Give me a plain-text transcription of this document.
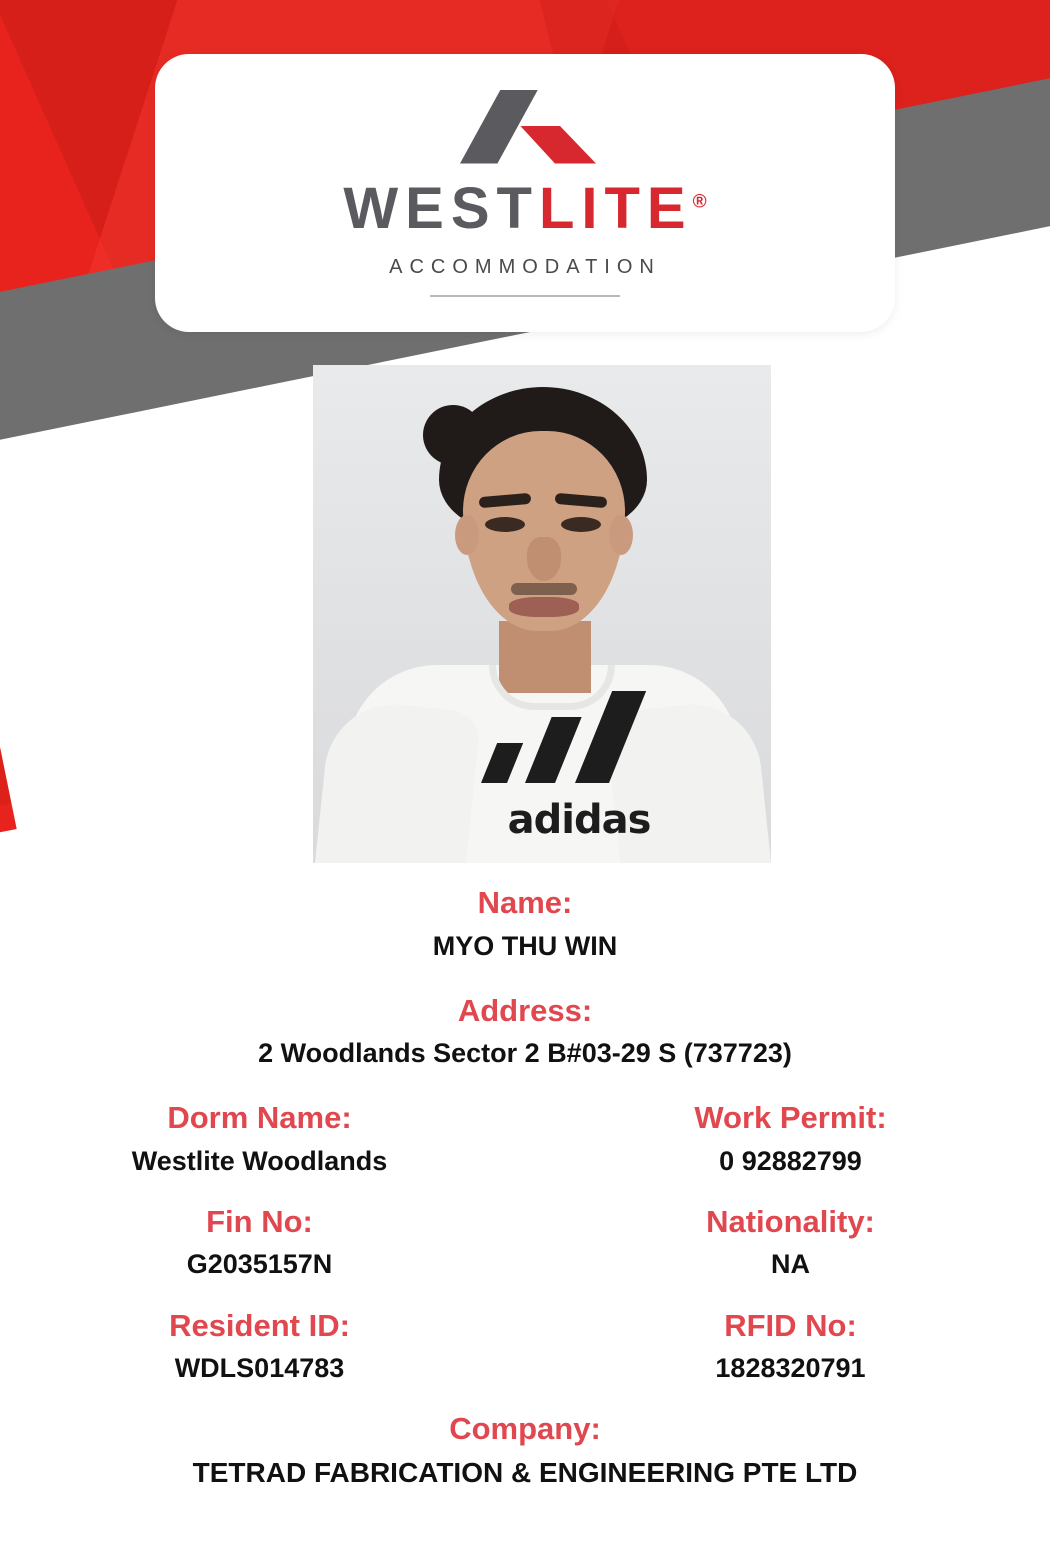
WESTLITE®
ACCOMMODATION
adidas
Name:
MYO THU WIN
Address:
2 Woodlands Sector 2 B#03-29 S (737723)
Dorm Name:
Westlite Woodlands
Work Permit:
0 92882799
Fin No:
G2035157N
Nationality:
NA
Resident ID:
WDLS014783
RFID No:
1828320791
Company:
TETRAD FABRICATION & ENGINEERING PTE LTD
